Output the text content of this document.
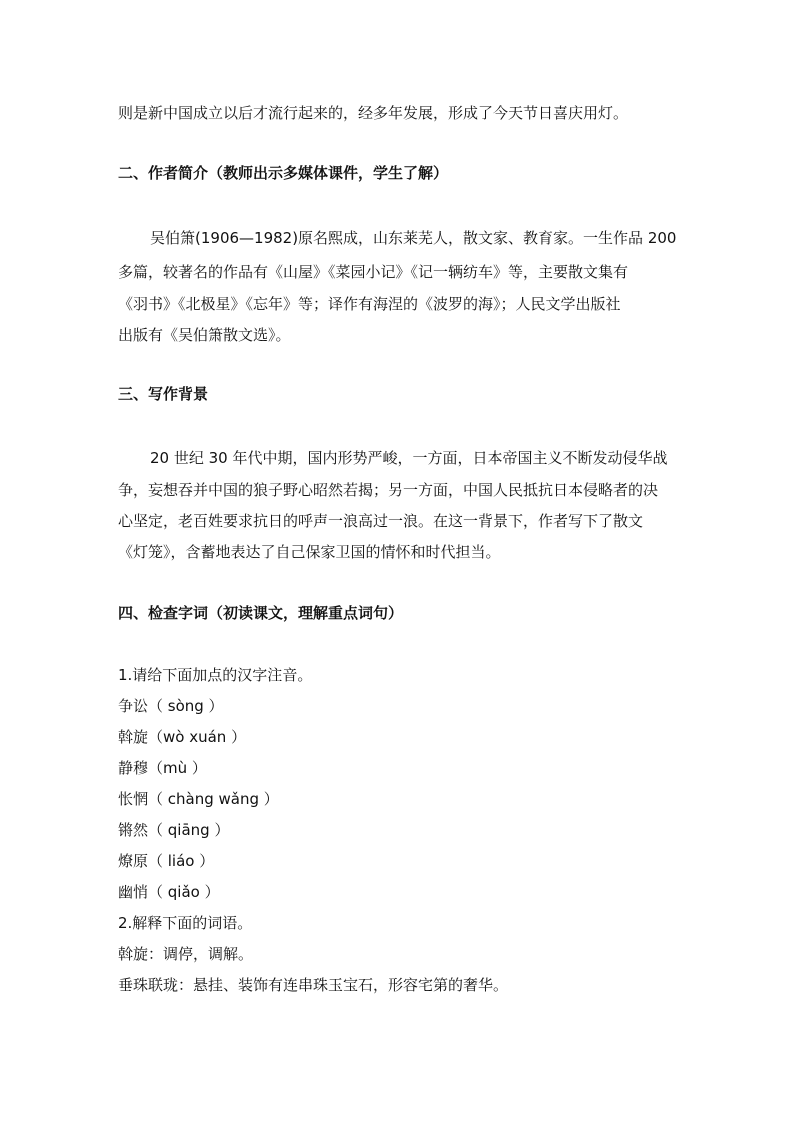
则是新中国成立以后才流行起来的，经多年发展，形成了今天节日喜庆用灯。
二、作者简介（教师出示多媒体课件，学生了解）
吴伯箫(1906—1982)原名熙成，山东莱芜人，散文家、教育家。一生作品 200
多篇，较著名的作品有《山屋》《菜园小记》《记一辆纺车》等，主要散文集有
《羽书》《北极星》《忘年》等；译作有海涅的《波罗的海》；人民文学出版社
出版有《吴伯箫散文选》。
三、写作背景
20 世纪 30 年代中期，国内形势严峻，一方面，日本帝国主义不断发动侵华战
争，妄想吞并中国的狼子野心昭然若揭；另一方面，中国人民抵抗日本侵略者的决
心坚定，老百姓要求抗日的呼声一浪高过一浪。在这一背景下，作者写下了散文
《灯笼》，含蓄地表达了自己保家卫国的情怀和时代担当。
四、检查字词（初读课文，理解重点词句）
1.请给下面加点的汉字注音。
争讼（ sòng ）
斡旋（wò xuán ）
静穆（mù ）
怅惘（ chàng wǎng ）
锵然（ qiāng ）
燎原（ liáo ）
幽悄（ qiǎo ）
2.解释下面的词语。
斡旋：调停，调解。
垂珠联珑：悬挂、装饰有连串珠玉宝石，形容宅第的奢华。
